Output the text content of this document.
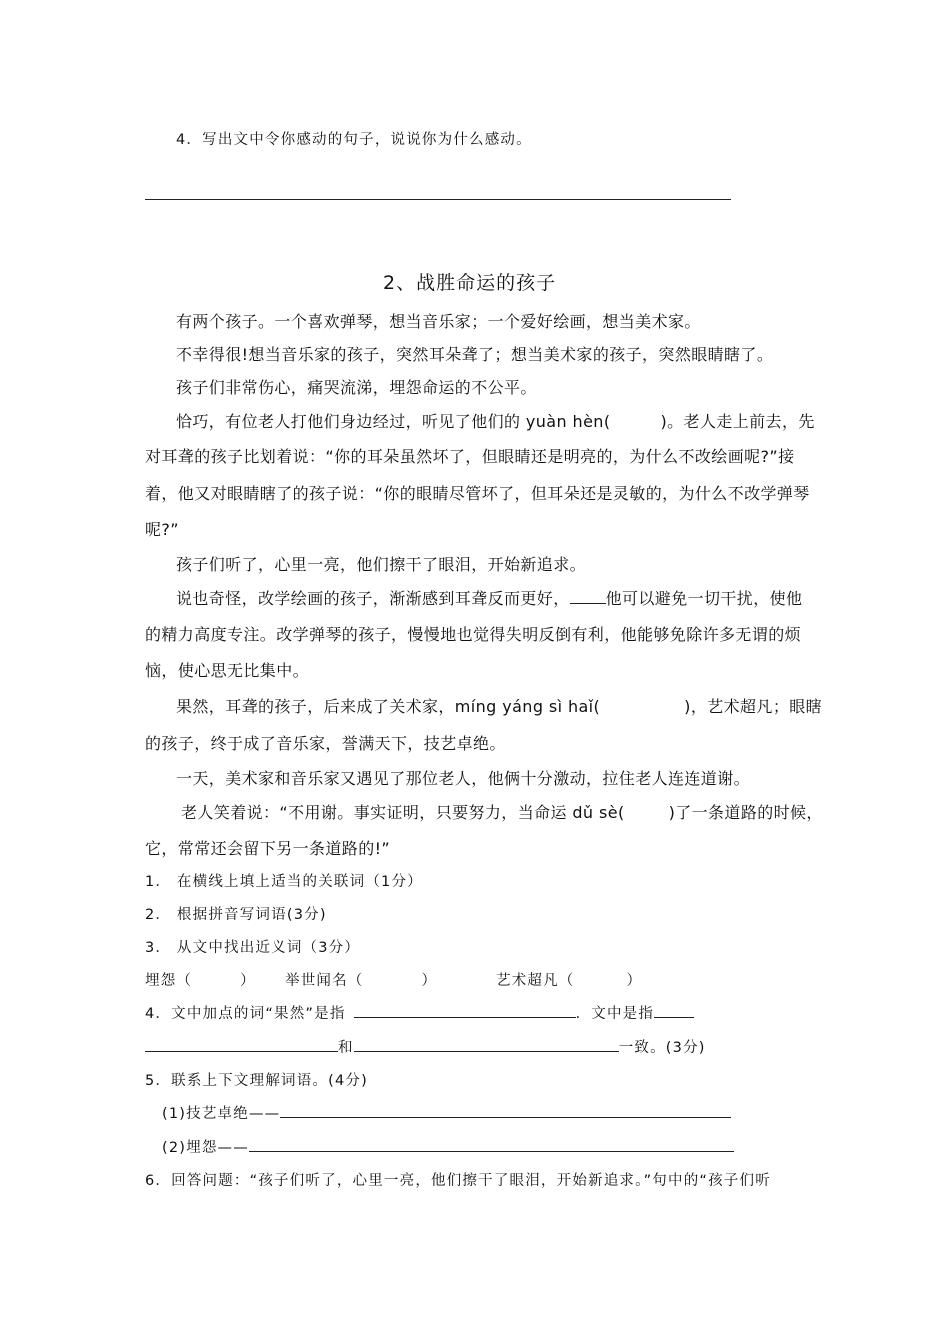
4．写出文中令你感动的句子，说说你为什么感动。
2、战胜命运的孩子
有两个孩子。一个喜欢弹琴，想当音乐家；一个爱好绘画，想当美术家。
不幸得很!想当音乐家的孩子，突然耳朵聋了；想当美术家的孩子，突然眼睛瞎了。
孩子们非常伤心，痛哭流涕，埋怨命运的不公平。
恰巧，有位老人打他们身边经过，听见了他们的 yuàn hèn(	)。老人走上前去，先
对耳聋的孩子比划着说：“你的耳朵虽然坏了，但眼睛还是明亮的，为什么不改绘画呢?”接
着，他又对眼睛瞎了的孩子说：“你的眼睛尽管坏了，但耳朵还是灵敏的，为什么不改学弹琴
呢?”
孩子们听了，心里一亮，他们擦干了眼泪，开始新追求。
说也奇怪，改学绘画的孩子，渐渐感到耳聋反而更好， 他可以避免一切干扰，使他
的精力高度专注。改学弹琴的孩子，慢慢地也觉得失明反倒有利，他能够免除许多无谓的烦
恼，使心思无比集中。
果然，耳聋的孩子，后来成了关术家，míng yáng sì haǐ(	)，艺术超凡；眼瞎
的孩子，终于成了音乐家，誉满天下，技艺卓绝。
一天，美术家和音乐家又遇见了那位老人，他俩十分激动，拉住老人连连道谢。
老人笑着说：“不用谢。事实证明，只要努力，当命运 dǔ sè(	)了一条道路的时候，
它，常常还会留下另一条道路的!”
1． 在横线上填上适当的关联词（1分）
2． 根据拼音写词语(3分)
3． 从文中找出近义词（3分）
埋怨（	） 举世闻名（	）	艺术超凡（	）
4．文中加点的词“果然”是指	．文中是指
和	一致。(3分)
5．联系上下文理解词语。(4分)
(1)技艺卓绝——
(2)埋怨——
6．回答问题：“孩子们听了，心里一亮，他们擦干了眼泪，开始新追求。”句中的“孩子们听
